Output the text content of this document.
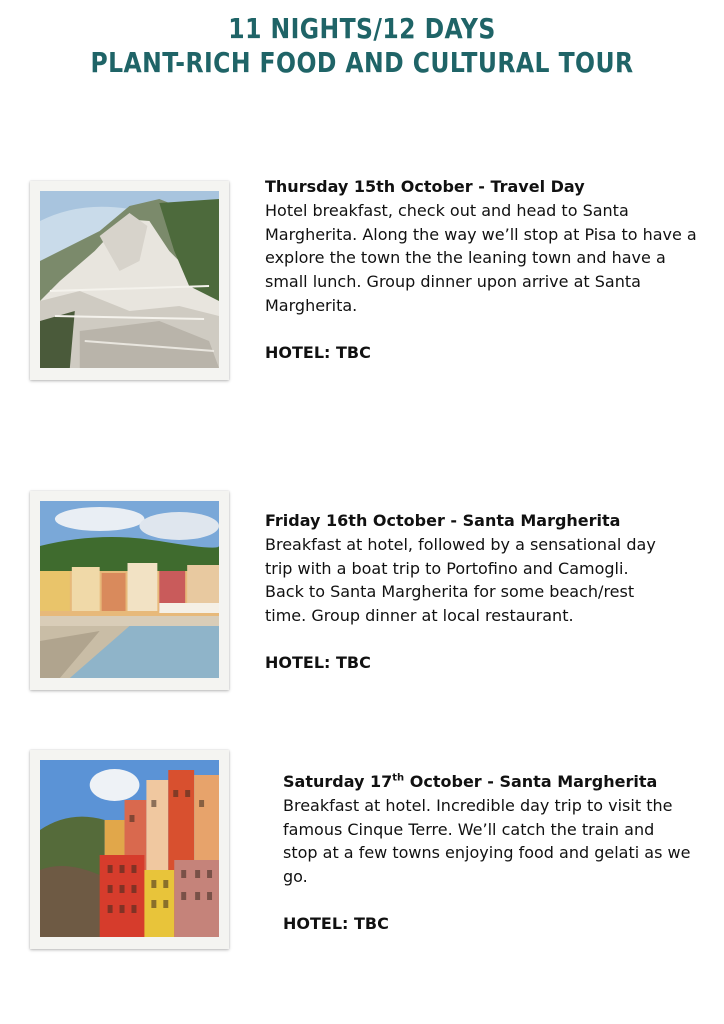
11 NIGHTS/12 DAYS
PLANT-RICH FOOD AND CULTURAL TOUR
Thursday 15th October - Travel Day
Hotel breakfast, check out and head to Santa
Margherita. Along the way we’ll stop at Pisa to have a
explore the town the the leaning town and have a
small lunch. Group dinner upon arrive at Santa
Margherita.
HOTEL: TBC
Friday 16th October - Santa Margherita
Breakfast at hotel, followed by a sensational day
trip with a boat trip to Portofino and Camogli.
Back to Santa Margherita for some beach/rest
time. Group dinner at local restaurant.
HOTEL: TBC
Saturday 17th October - Santa Margherita
Breakfast at hotel. Incredible day trip to visit the
famous Cinque Terre. We’ll catch the train and
stop at a few towns enjoying food and gelati as we
go.
HOTEL: TBC
